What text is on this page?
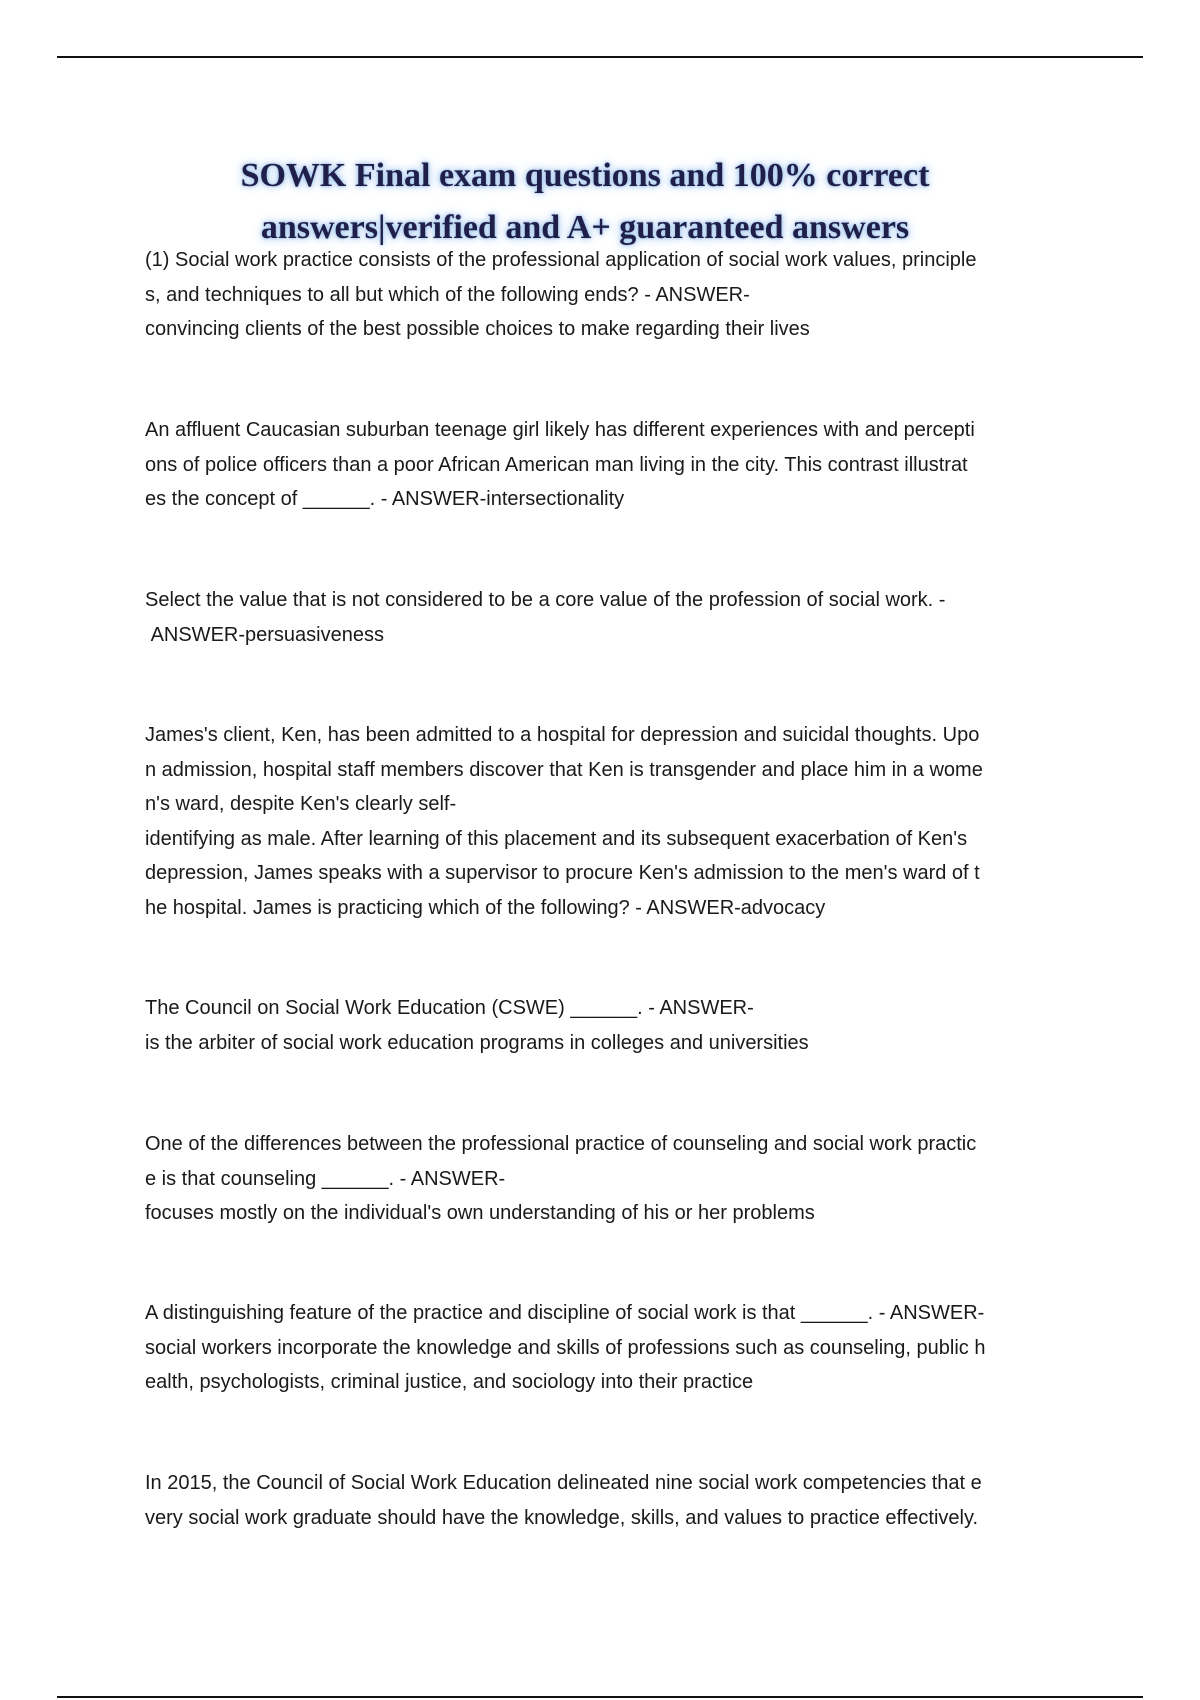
SOWK Final exam questions and 100% correct
answers|verified and A+ guaranteed answers

(1) Social work practice consists of the professional application of social work values, principle
s, and techniques to all but which of the following ends? - ANSWER-
convincing clients of the best possible choices to make regarding their lives

An affluent Caucasian suburban teenage girl likely has different experiences with and percepti
ons of police officers than a poor African American man living in the city. This contrast illustrat
es the concept of ______. - ANSWER-intersectionality

Select the value that is not considered to be a core value of the profession of social work. -
ANSWER-persuasiveness

James's client, Ken, has been admitted to a hospital for depression and suicidal thoughts. Upo
n admission, hospital staff members discover that Ken is transgender and place him in a wome
n's ward, despite Ken's clearly self-
identifying as male. After learning of this placement and its subsequent exacerbation of Ken's
depression, James speaks with a supervisor to procure Ken's admission to the men's ward of t
he hospital. James is practicing which of the following? - ANSWER-advocacy

The Council on Social Work Education (CSWE) ______. - ANSWER-
is the arbiter of social work education programs in colleges and universities

One of the differences between the professional practice of counseling and social work practic
e is that counseling ______. - ANSWER-
focuses mostly on the individual's own understanding of his or her problems

A distinguishing feature of the practice and discipline of social work is that ______. - ANSWER-
social workers incorporate the knowledge and skills of professions such as counseling, public h
ealth, psychologists, criminal justice, and sociology into their practice

In 2015, the Council of Social Work Education delineated nine social work competencies that e
very social work graduate should have the knowledge, skills, and values to practice effectively.
